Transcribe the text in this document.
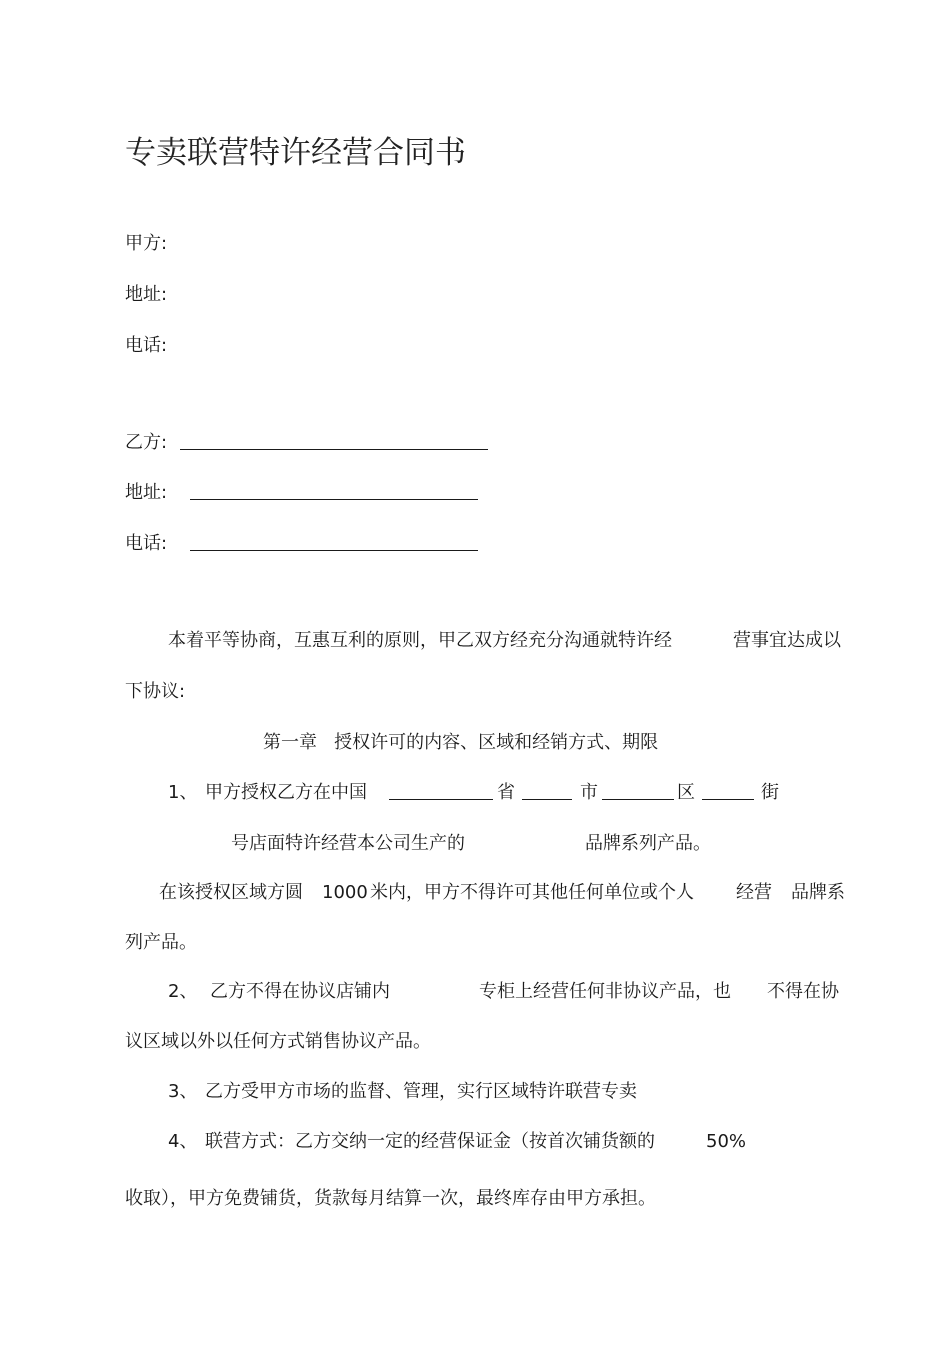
专卖联营特许经营合同书
甲方:
地址:
电话:
乙方:
地址:
电话:
本着平等协商，互惠互利的原则，甲乙双方经充分沟通就特许经	营事宜达成以
下协议:
第一章   授权许可的内容、区域和经销方式、期限
1、 甲方授权乙方在中国	省	市	区	街
号店面特许经营本公司生产的	品牌系列产品。
在该授权区域方圆 1000 米内，甲方不得许可其他任何单位或个人 经营 品牌系
列产品。
2、 乙方不得在协议店铺内	专柜上经营任何非协议产品，也 不得在协
议区域以外以任何方式销售协议产品。
3、 乙方受甲方市场的监督、管理，实行区域特许联营专卖
4、 联营方式：乙方交纳一定的经营保证金（按首次铺货额的	50%
收取），甲方免费铺货，货款每月结算一次，最终库存由甲方承担。
